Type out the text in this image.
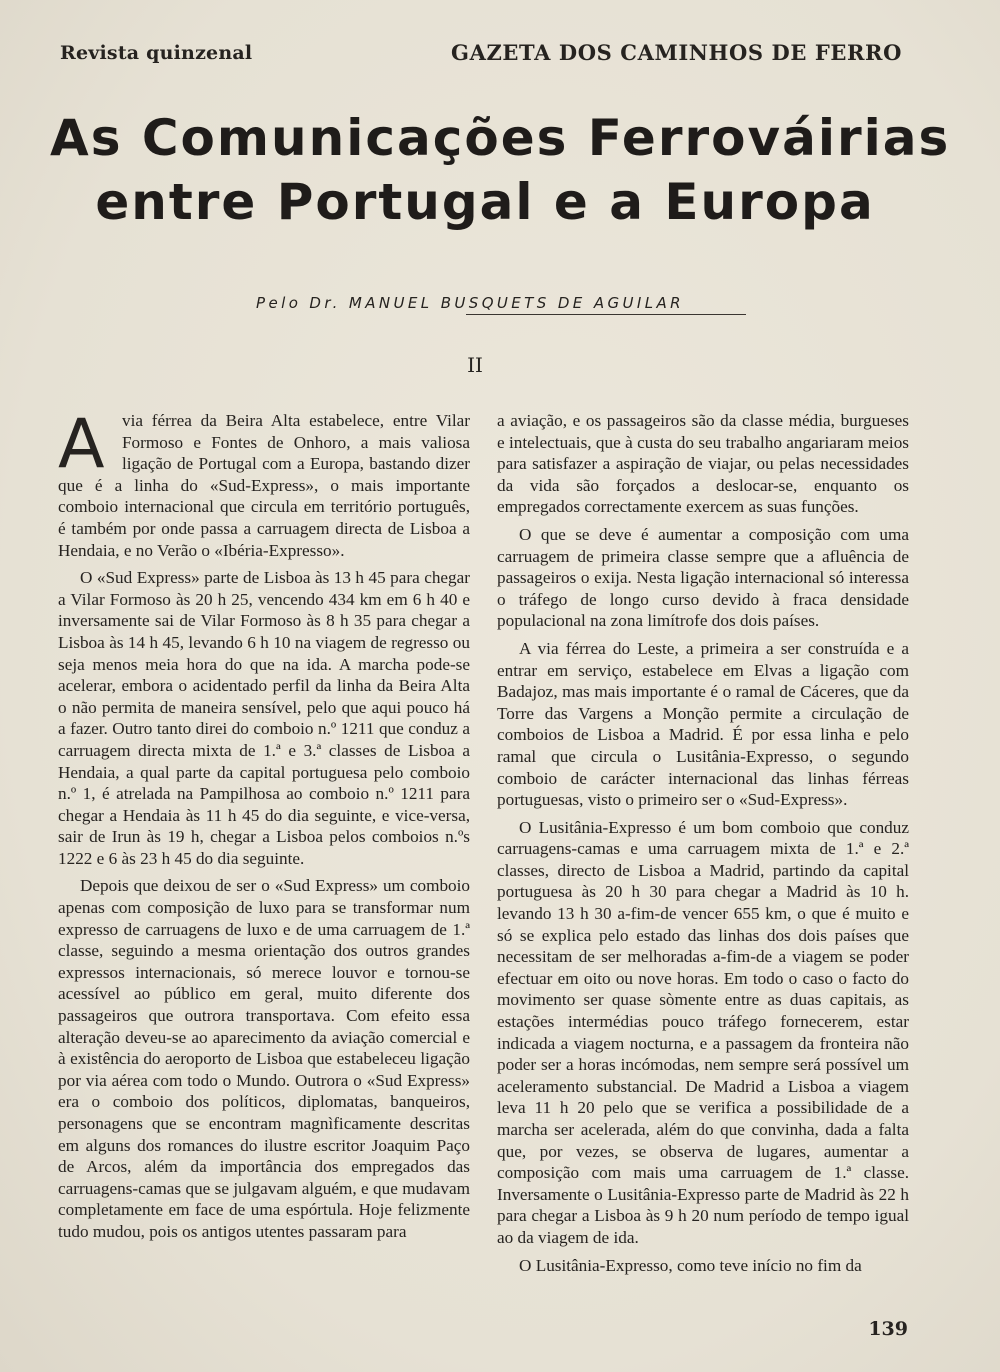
Revista quinzenal	GAZETA DOS CAMINHOS DE FERRO
As Comunicações Ferrováirias
entre Portugal e a Europa
Pelo Dr. MANUEL BUSQUETS DE AGUILAR
II

A	via férrea da Beira Alta estabelece, entre Vilar Formoso e Fontes de Onhoro, a mais valiosa ligação de Portugal com a Europa, bastando dizer que é a linha do «Sud-Express», o mais importante comboio internacional que circula em território português, é também por onde passa a carruagem directa de Lisboa a Hendaia, e no Verão o «Ibéria-Expresso».

O «Sud Express» parte de Lisboa às 13 h 45 para chegar a Vilar Formoso às 20 h 25, vencendo 434 km em 6 h 40 e inversamente sai de Vilar Formoso às 8 h 35 para chegar a Lisboa às 14 h 45, levando 6 h 10 na viagem de regresso ou seja menos meia hora do que na ida. A marcha pode-se acelerar, embora o acidentado perfil da linha da Beira Alta o não permita de maneira sensível, pelo que aqui pouco há a fazer. Outro tanto direi do comboio n.º 1211 que conduz a carruagem directa mixta de 1.ª e 3.ª classes de Lisboa a Hendaia, a qual parte da capital portuguesa pelo comboio n.º 1, é atrelada na Pampilhosa ao comboio n.º 1211 para chegar a Hendaia às 11 h 45 do dia seguinte, e vice-versa, sair de Irun às 19 h, chegar a Lisboa pelos comboios n.ºs 1222 e 6 às 23 h 45 do dia seguinte.

Depois que deixou de ser o «Sud Express» um comboio apenas com composição de luxo para se transformar num expresso de carruagens de luxo e de uma carruagem de 1.ª classe, seguindo a mesma orientação dos outros grandes expressos internacionais, só merece louvor e tornou-se acessível ao público em geral, muito diferente dos passageiros que outrora transportava. Com efeito essa alteração deveu-se ao aparecimento da aviação comercial e à existência do aeroporto de Lisboa que estabeleceu ligação por via aérea com todo o Mundo. Outrora o «Sud Express» era o comboio dos políticos, diplomatas, banqueiros, personagens que se encontram magnìficamente descritas em alguns dos romances do ilustre escritor Joaquim Paço de Arcos, além da importância dos empregados das carruagens-camas que se julgavam alguém, e que mudavam completamente em face de uma espórtula. Hoje felizmente tudo mudou, pois os antigos utentes passaram para

a aviação, e os passageiros são da classe média, burgueses e intelectuais, que à custa do seu trabalho angariaram meios para satisfazer a aspiração de viajar, ou pelas necessidades da vida são forçados a deslocar-se, enquanto os empregados correctamente exercem as suas funções.

O que se deve é aumentar a composição com uma carruagem de primeira classe sempre que a afluência de passageiros o exija. Nesta ligação internacional só interessa o tráfego de longo curso devido à fraca densidade populacional na zona limítrofe dos dois países.

A via férrea do Leste, a primeira a ser construída e a entrar em serviço, estabelece em Elvas a ligação com Badajoz, mas mais importante é o ramal de Cáceres, que da Torre das Vargens a Monção permite a circulação de comboios de Lisboa a Madrid. É por essa linha e pelo ramal que circula o Lusitânia-Expresso, o segundo comboio de carácter internacional das linhas férreas portuguesas, visto o primeiro ser o «Sud-Express».

O Lusitânia-Expresso é um bom comboio que conduz carruagens-camas e uma carruagem mixta de 1.ª e 2.ª classes, directo de Lisboa a Madrid, partindo da capital portuguesa às 20 h 30 para chegar a Madrid às 10 h. levando 13 h 30 a-fim-de vencer 655 km, o que é muito e só se explica pelo estado das linhas dos dois países que necessitam de ser melhoradas a-fim-de a viagem se poder efectuar em oito ou nove horas. Em todo o caso o facto do movimento ser quase sòmente entre as duas capitais, as estações intermédias pouco tráfego fornecerem, estar indicada a viagem nocturna, e a passagem da fronteira não poder ser a horas incómodas, nem sempre será possível um aceleramento substancial. De Madrid a Lisboa a viagem leva 11 h 20 pelo que se verifica a possibilidade de a marcha ser acelerada, além do que convinha, dada a falta que, por vezes, se observa de lugares, aumentar a composição com mais uma carruagem de 1.ª classe. Inversamente o Lusitânia-Expresso parte de Madrid às 22 h para chegar a Lisboa às 9 h 20 num período de tempo igual ao da viagem de ida.

O Lusitânia-Expresso, como teve início no fim da

139
